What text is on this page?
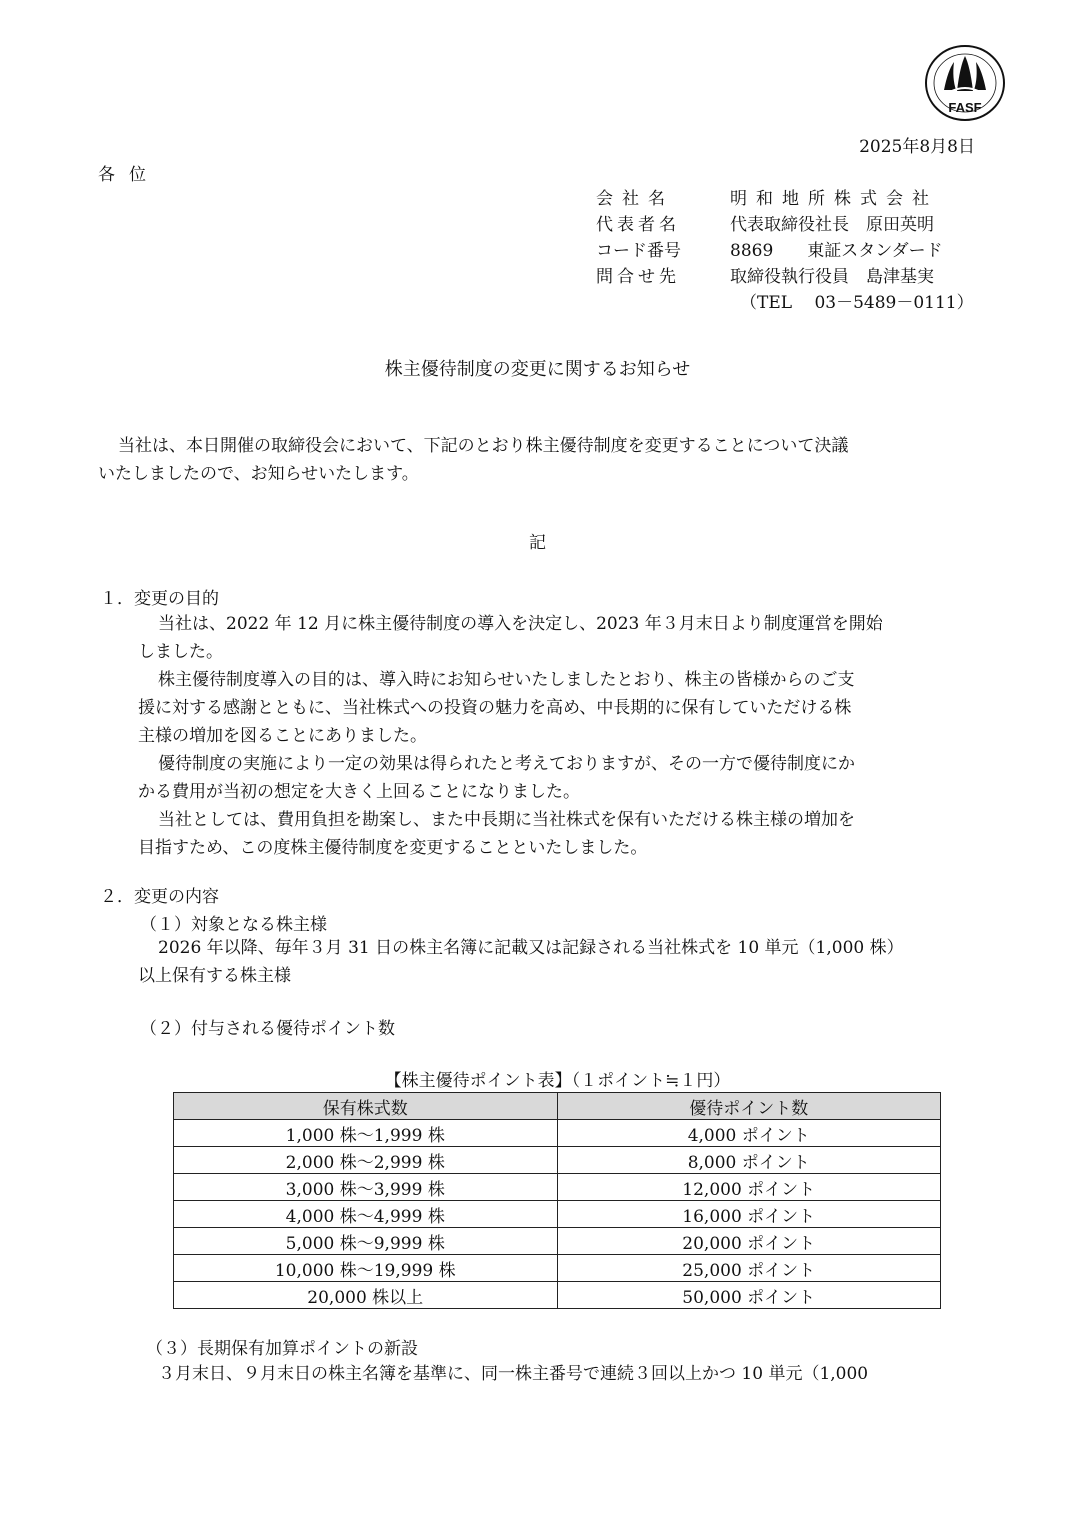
FASF
2025年8月8日
各位
会社名	明和地所株式会社
代表者名	代表取締役社長　原田英明
コード番号	8869　　東証スタンダード
問合せ先	取締役執行役員　島津基実
（TEL　 03－5489－0111）
株主優待制度の変更に関するお知らせ
当社は、本日開催の取締役会において、下記のとおり株主優待制度を変更することについて決議
いたしましたので、お知らせいたします。
記
１．変更の目的
当社は、2022 年 12 月に株主優待制度の導入を決定し、2023 年３月末日より制度運営を開始
しました。
株主優待制度導入の目的は、導入時にお知らせいたしましたとおり、株主の皆様からのご支
援に対する感謝とともに、当社株式への投資の魅力を高め、中長期的に保有していただける株
主様の増加を図ることにありました。
優待制度の実施により一定の効果は得られたと考えておりますが、その一方で優待制度にか
かる費用が当初の想定を大きく上回ることになりました。
当社としては、費用負担を勘案し、また中長期に当社株式を保有いただける株主様の増加を
目指すため、この度株主優待制度を変更することといたしました。
２．変更の内容
（１）対象となる株主様
2026 年以降、毎年３月 31 日の株主名簿に記載又は記録される当社株式を 10 単元（1,000 株）
以上保有する株主様
（２）付与される優待ポイント数
【株主優待ポイント表】（１ポイント≒１円）
保有株式数	優待ポイント数
1,000 株～1,999 株	4,000 ポイント
2,000 株～2,999 株	8,000 ポイント
3,000 株～3,999 株	12,000 ポイント
4,000 株～4,999 株	16,000 ポイント
5,000 株～9,999 株	20,000 ポイント
10,000 株～19,999 株	25,000 ポイント
20,000 株以上	50,000 ポイント
（３）長期保有加算ポイントの新設
３月末日、９月末日の株主名簿を基準に、同一株主番号で連続３回以上かつ 10 単元（1,000
